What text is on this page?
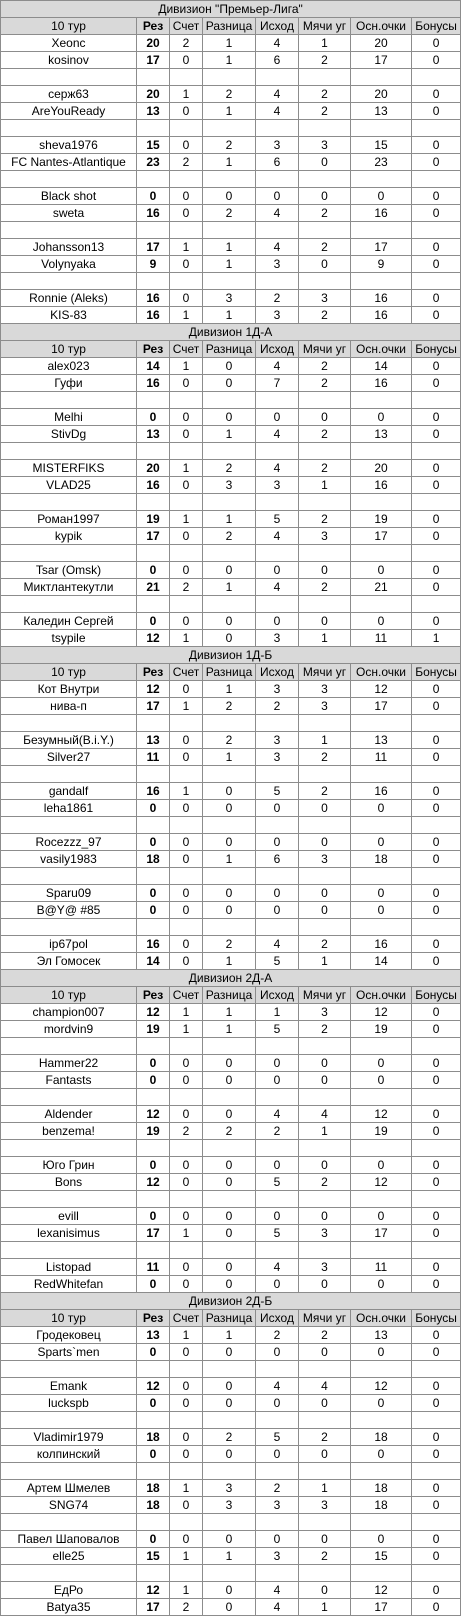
Дивизион "Премьер-Лига"							
10 тур	Рез	Счет	Разница	Исход	Мячи уг	Осн.очки	Бонусы
Xeonc	20	2	1	4	1	20	0
kosinov	17	0	1	6	2	17	0

серж63	20	1	2	4	2	20	0
AreYouReady	13	0	1	4	2	13	0

sheva1976	15	0	2	3	3	15	0
FC Nantes-Atlantique	23	2	1	6	0	23	0

Black shot	0	0	0	0	0	0	0
sweta	16	0	2	4	2	16	0

Johansson13	17	1	1	4	2	17	0
Volynyaka	9	0	1	3	0	9	0

Ronnie (Aleks)	16	0	3	2	3	16	0
KIS-83	16	1	1	3	2	16	0
Дивизион 1Д-А							
10 тур	Рез	Счет	Разница	Исход	Мячи уг	Осн.очки	Бонусы
alex023	14	1	0	4	2	14	0
Гуфи	16	0	0	7	2	16	0

Melhi	0	0	0	0	0	0	0
StivDg	13	0	1	4	2	13	0

MISTERFIKS	20	1	2	4	2	20	0
VLAD25	16	0	3	3	1	16	0

Роман1997	19	1	1	5	2	19	0
kypik	17	0	2	4	3	17	0

Tsar (Omsk)	0	0	0	0	0	0	0
Миктлантекутли	21	2	1	4	2	21	0

Каледин Сергей	0	0	0	0	0	0	0
tsypile	12	1	0	3	1	11	1
Дивизион 1Д-Б							
10 тур	Рез	Счет	Разница	Исход	Мячи уг	Осн.очки	Бонусы
Кот Внутри	12	0	1	3	3	12	0
нива-п	17	1	2	2	3	17	0

Безумный(B.i.Y.)	13	0	2	3	1	13	0
Silver27	11	0	1	3	2	11	0

gandalf	16	1	0	5	2	16	0
leha1861	0	0	0	0	0	0	0

Rocezzz_97	0	0	0	0	0	0	0
vasily1983	18	0	1	6	3	18	0

Sparu09	0	0	0	0	0	0	0
B@Y@ #85	0	0	0	0	0	0	0

ip67pol	16	0	2	4	2	16	0
Эл Гомосек	14	0	1	5	1	14	0
Дивизион 2Д-А							
10 тур	Рез	Счет	Разница	Исход	Мячи уг	Осн.очки	Бонусы
champion007	12	1	1	1	3	12	0
mordvin9	19	1	1	5	2	19	0

Hammer22	0	0	0	0	0	0	0
Fantasts	0	0	0	0	0	0	0

Aldender	12	0	0	4	4	12	0
benzema!	19	2	2	2	1	19	0

Юго Грин	0	0	0	0	0	0	0
Bons	12	0	0	5	2	12	0

evill	0	0	0	0	0	0	0
lexanisimus	17	1	0	5	3	17	0

Listopad	11	0	0	4	3	11	0
RedWhitefan	0	0	0	0	0	0	0
Дивизион 2Д-Б							
10 тур	Рез	Счет	Разница	Исход	Мячи уг	Осн.очки	Бонусы
Гродековец	13	1	1	2	2	13	0
Sparts`men	0	0	0	0	0	0	0

Emank	12	0	0	4	4	12	0
luckspb	0	0	0	0	0	0	0

Vladimir1979	18	0	2	5	2	18	0
колпинский	0	0	0	0	0	0	0

Артем Шмелев	18	1	3	2	1	18	0
SNG74	18	0	3	3	3	18	0

Павел Шаповалов	0	0	0	0	0	0	0
elle25	15	1	1	3	2	15	0

ЕдРо	12	1	0	4	0	12	0
Batya35	17	2	0	4	1	17	0
